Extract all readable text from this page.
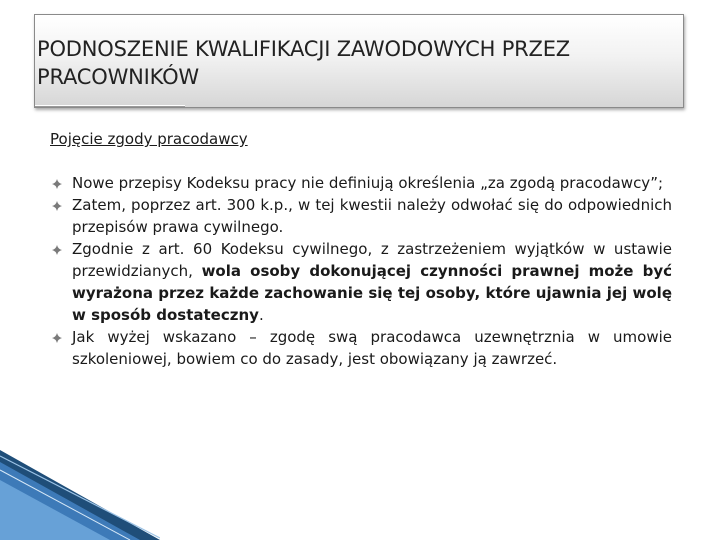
PODNOSZENIE KWALIFIKACJI ZAWODOWYCH PRZEZ
PRACOWNIKÓW
Pojęcie zgody pracodawcy
Nowe przepisy Kodeksu pracy nie definiują określenia „za zgodą pracodawcy”;
Zatem, poprzez art. 300 k.p., w tej kwestii należy odwołać się do odpowiednich przepisów prawa cywilnego.
Zgodnie z art. 60 Kodeksu cywilnego, z zastrzeżeniem wyjątków w ustawie przewidzianych, wola osoby dokonującej czynności prawnej może być wyrażona przez każde zachowanie się tej osoby, które ujawnia jej wolę w sposób dostateczny.
Jak wyżej wskazano – zgodę swą pracodawca uzewnętrznia w umowie szkoleniowej, bowiem co do zasady, jest obowiązany ją zawrzeć.
